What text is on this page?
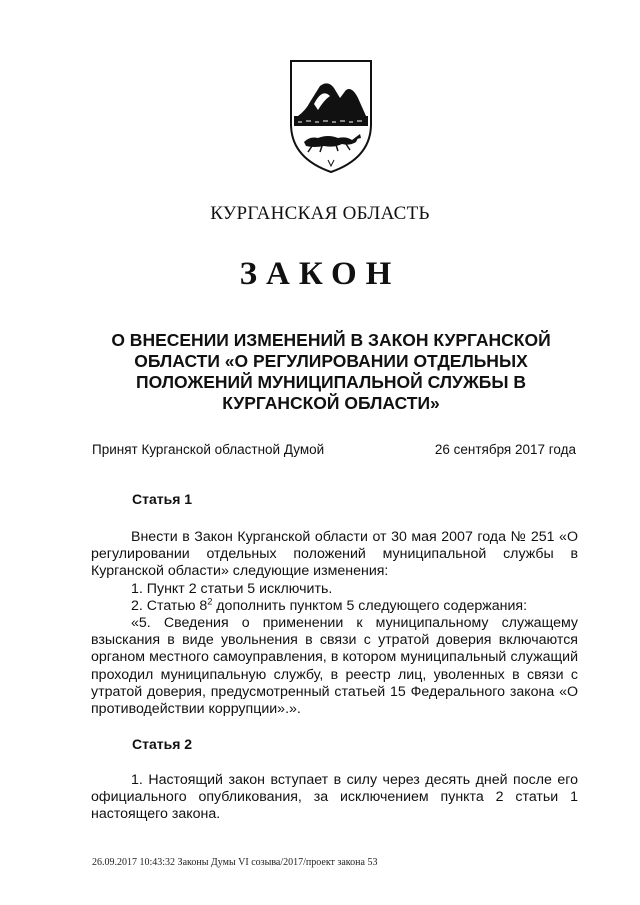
КУРГАНСКАЯ ОБЛАСТЬ
ЗАКОН
О ВНЕСЕНИИ ИЗМЕНЕНИЙ В ЗАКОН КУРГАНСКОЙ
ОБЛАСТИ «О РЕГУЛИРОВАНИИ ОТДЕЛЬНЫХ
ПОЛОЖЕНИЙ МУНИЦИПАЛЬНОЙ СЛУЖБЫ В
КУРГАНСКОЙ ОБЛАСТИ»
Принят Курганской областной Думой	26 сентября 2017 года
Статья 1

Внести в Закон Курганской области от 30 мая 2007 года № 251 «О регулировании отдельных положений муниципальной службы в Курганской области» следующие изменения:

1. Пункт 2 статьи 5 исключить.

2. Статью $8^2$ дополнить пунктом 5 следующего содержания:

«5. Сведения о применении к муниципальному служащему взыскания в виде увольнения в связи с утратой доверия включаются органом местного самоуправления, в котором муниципальный служащий проходил муниципальную службу, в реестр лиц, уволенных в связи с утратой доверия, предусмотренный статьей 15 Федерального закона «О противодействии коррупции».».

Статья 2

1. Настоящий закон вступает в силу через десять дней после его официального опубликования, за исключением пункта 2 статьи 1 настоящего закона.

26.09.2017 10:43:32 Законы Думы VI созыва/2017/проект закона 53
